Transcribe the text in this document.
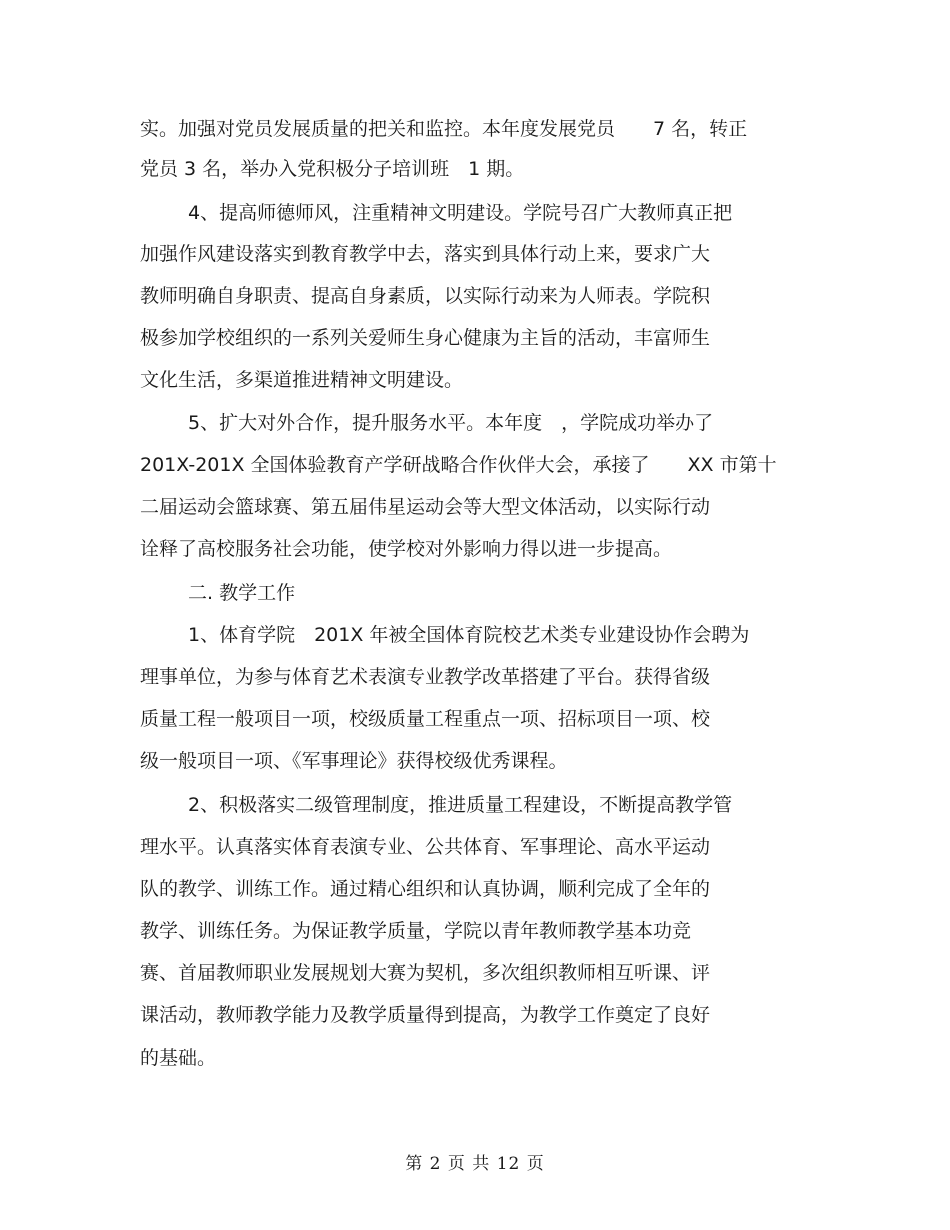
实。加强对党员发展质量的把关和监控。本年度发展党员　　7 名，转正
党员 3 名，举办入党积极分子培训班　1 期。
4、提高师德师风，注重精神文明建设。学院号召广大教师真正把
加强作风建设落实到教育教学中去，落实到具体行动上来，要求广大
教师明确自身职责、提高自身素质，以实际行动来为人师表。学院积
极参加学校组织的一系列关爱师生身心健康为主旨的活动，丰富师生
文化生活，多渠道推进精神文明建设。
5、扩大对外合作，提升服务水平。本年度　，学院成功举办了
201X-201X 全国体验教育产学研战略合作伙伴大会，承接了　　XX 市第十
二届运动会篮球赛、第五届伟星运动会等大型文体活动，以实际行动
诠释了高校服务社会功能，使学校对外影响力得以进一步提高。
二. 教学工作
1、体育学院　201X 年被全国体育院校艺术类专业建设协作会聘为
理事单位，为参与体育艺术表演专业教学改革搭建了平台。获得省级
质量工程一般项目一项，校级质量工程重点一项、招标项目一项、校
级一般项目一项、《军事理论》获得校级优秀课程。
2、积极落实二级管理制度，推进质量工程建设，不断提高教学管
理水平。认真落实体育表演专业、公共体育、军事理论、高水平运动
队的教学、训练工作。通过精心组织和认真协调，顺利完成了全年的
教学、训练任务。为保证教学质量，学院以青年教师教学基本功竞
赛、首届教师职业发展规划大赛为契机，多次组织教师相互听课、评
课活动，教师教学能力及教学质量得到提高，为教学工作奠定了良好
的基础。
第 2 页 共 12 页
